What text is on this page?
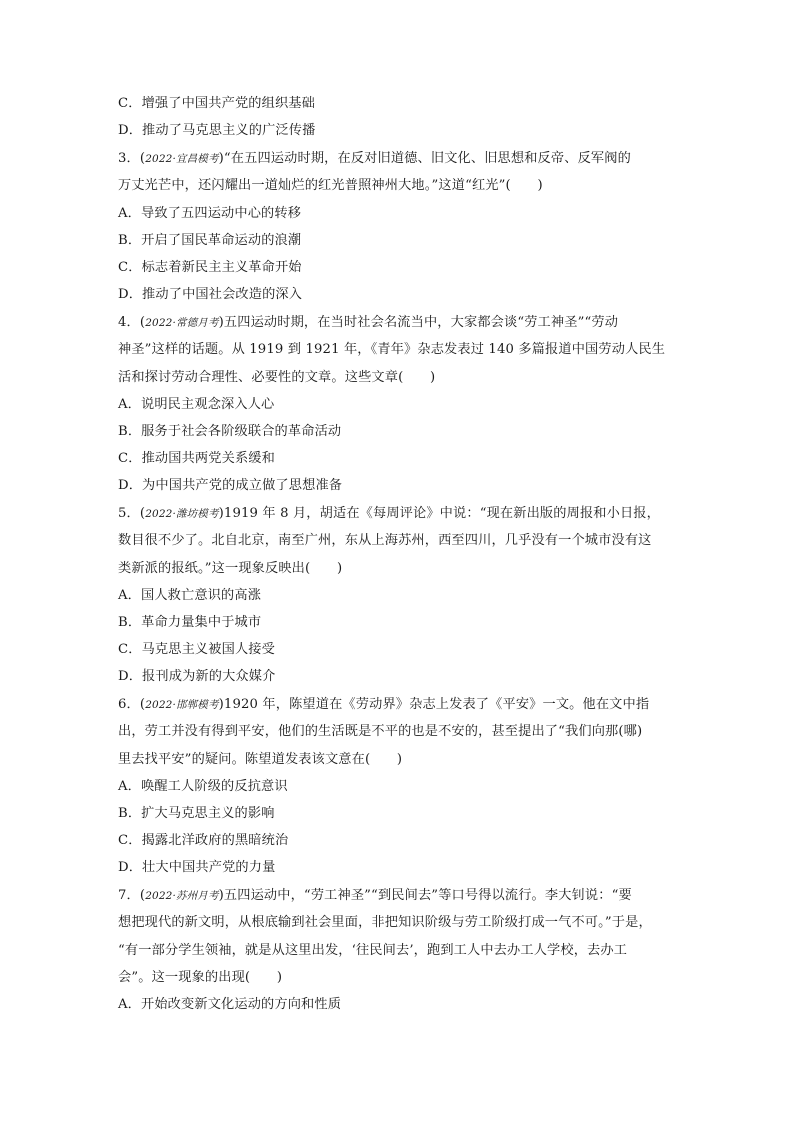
C．增强了中国共产党的组织基础
D．推动了马克思主义的广泛传播
3．(2022·宜昌模考)“在五四运动时期，在反对旧道德、旧文化、旧思想和反帝、反军阀的
万丈光芒中，还闪耀出一道灿烂的红光普照神州大地。”这道“红光”(　　)
A．导致了五四运动中心的转移
B．开启了国民革命运动的浪潮
C．标志着新民主主义革命开始
D．推动了中国社会改造的深入
4．(2022·常德月考)五四运动时期，在当时社会名流当中，大家都会谈“劳工神圣”“劳动
神圣”这样的话题。从 1919 到 1921 年，《青年》杂志发表过 140 多篇报道中国劳动人民生
活和探讨劳动合理性、必要性的文章。这些文章(　　)
A．说明民主观念深入人心
B．服务于社会各阶级联合的革命活动
C．推动国共两党关系缓和
D．为中国共产党的成立做了思想准备
5．(2022·潍坊模考)1919 年 8 月，胡适在《每周评论》中说：“现在新出版的周报和小日报，
数目很不少了。北自北京，南至广州，东从上海苏州，西至四川，几乎没有一个城市没有这
类新派的报纸。”这一现象反映出(　　)
A．国人救亡意识的高涨
B．革命力量集中于城市
C．马克思主义被国人接受
D．报刊成为新的大众媒介
6．(2022·邯郸模考)1920 年，陈望道在《劳动界》杂志上发表了《平安》一文。他在文中指
出，劳工并没有得到平安，他们的生活既是不平的也是不安的，甚至提出了“我们向那(哪)
里去找平安”的疑问。陈望道发表该文意在(　　)
A．唤醒工人阶级的反抗意识
B．扩大马克思主义的影响
C．揭露北洋政府的黑暗统治
D．壮大中国共产党的力量
7．(2022·苏州月考)五四运动中，“劳工神圣”“到民间去”等口号得以流行。李大钊说：“要
想把现代的新文明，从根底输到社会里面，非把知识阶级与劳工阶级打成一气不可。”于是，
“有一部分学生领袖，就是从这里出发，‘往民间去’，跑到工人中去办工人学校，去办工
会”。这一现象的出现(　　)
A．开始改变新文化运动的方向和性质
